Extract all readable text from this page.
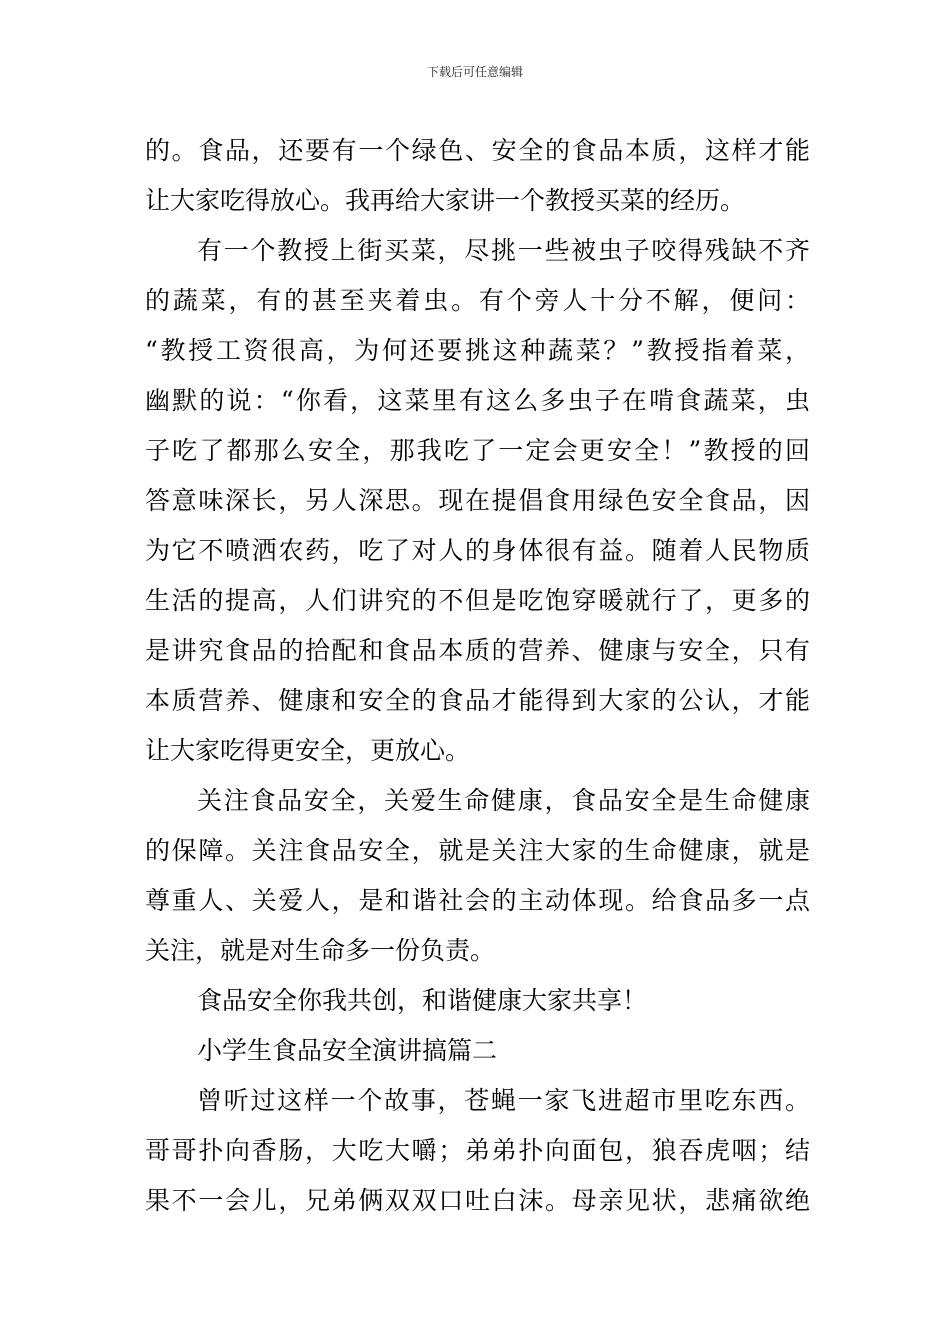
下载后可任意编辑
的。食品，还要有一个绿色、安全的食品本质，这样才能
让大家吃得放心。我再给大家讲一个教授买菜的经历。
有一个教授上街买菜，尽挑一些被虫子咬得残缺不齐
的蔬菜，有的甚至夹着虫。有个旁人十分不解，便问：
“教授工资很高，为何还要挑这种蔬菜？”教授指着菜，
幽默的说：“你看，这菜里有这么多虫子在啃食蔬菜，虫
子吃了都那么安全，那我吃了一定会更安全！”教授的回
答意味深长，另人深思。现在提倡食用绿色安全食品，因
为它不喷洒农药，吃了对人的身体很有益。随着人民物质
生活的提高，人们讲究的不但是吃饱穿暖就行了，更多的
是讲究食品的拾配和食品本质的营养、健康与安全，只有
本质营养、健康和安全的食品才能得到大家的公认，才能
让大家吃得更安全，更放心。
关注食品安全，关爱生命健康，食品安全是生命健康
的保障。关注食品安全，就是关注大家的生命健康，就是
尊重人、关爱人，是和谐社会的主动体现。给食品多一点
关注，就是对生命多一份负责。
食品安全你我共创，和谐健康大家共享！
小学生食品安全演讲搞篇二
曾听过这样一个故事，苍蝇一家飞进超市里吃东西。
哥哥扑向香肠，大吃大嚼；弟弟扑向面包，狼吞虎咽；结
果不一会儿，兄弟俩双双口吐白沫。母亲见状，悲痛欲绝
